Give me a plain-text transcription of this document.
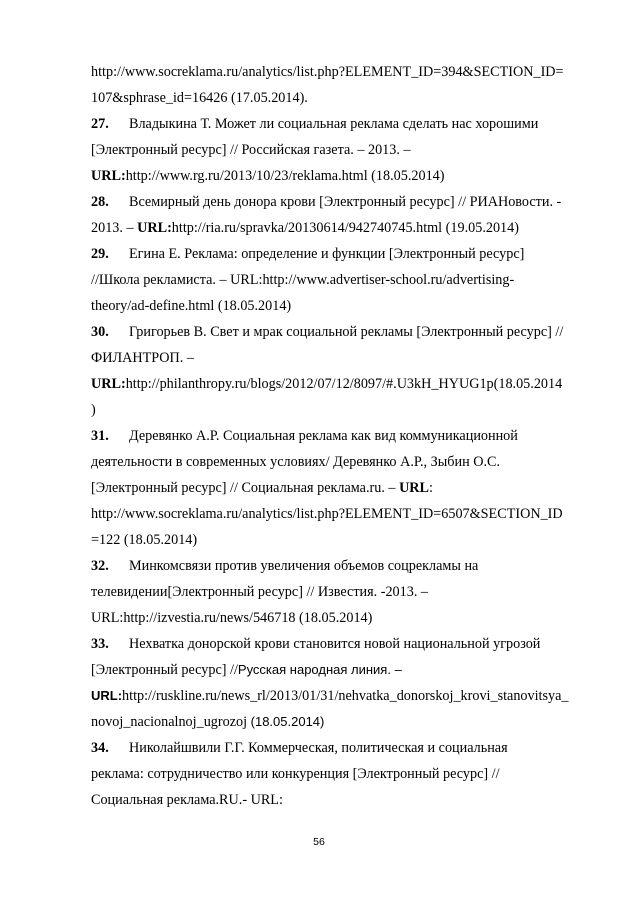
http://www.socreklama.ru/analytics/list.php?ELEMENT_ID=394&SECTION_ID=
107&sphrase_id=16426 (17.05.2014).
27. Владыкина Т. Может ли социальная реклама сделать нас хорошими
[Электронный ресурс] // Российская газета. – 2013. –
URL:http://www.rg.ru/2013/10/23/reklama.html (18.05.2014)
28. Всемирный день донора крови [Электронный ресурс] // РИАНовости. -
2013. – URL:http://ria.ru/spravka/20130614/942740745.html (19.05.2014)
29. Егина Е. Реклама: определение и функции [Электронный ресурс]
//Школа рекламиста. – URL:http://www.advertiser-school.ru/advertising-
theory/ad-define.html (18.05.2014)
30. Григорьев В. Свет и мрак социальной рекламы [Электронный ресурс] //
ФИЛАНТРОП. –
URL:http://philanthropy.ru/blogs/2012/07/12/8097/#.U3kH_HYUG1p(18.05.2014
)
31. Деревянко А.Р. Социальная реклама как вид коммуникационной
деятельности в современных условиях/ Деревянко А.Р., Зыбин О.С.
[Электронный ресурс] // Социальная реклама.ru. – URL:
http://www.socreklama.ru/analytics/list.php?ELEMENT_ID=6507&SECTION_ID
=122 (18.05.2014)
32. Минкомсвязи против увеличения объемов соцрекламы на
телевидении[Электронный ресурс] // Известия. -2013. –
URL:http://izvestia.ru/news/546718 (18.05.2014)
33. Нехватка донорской крови становится новой национальной угрозой
[Электронный ресурс] //Русская народная линия. –
URL:http://ruskline.ru/news_rl/2013/01/31/nehvatka_donorskoj_krovi_stanovitsya_
novoj_nacionalnoj_ugrozoj (18.05.2014)
34. Николайшвили Г.Г. Коммерческая, политическая и социальная
реклама: сотрудничество или конкуренция [Электронный ресурс] //
Социальная реклама.RU.- URL:
56
